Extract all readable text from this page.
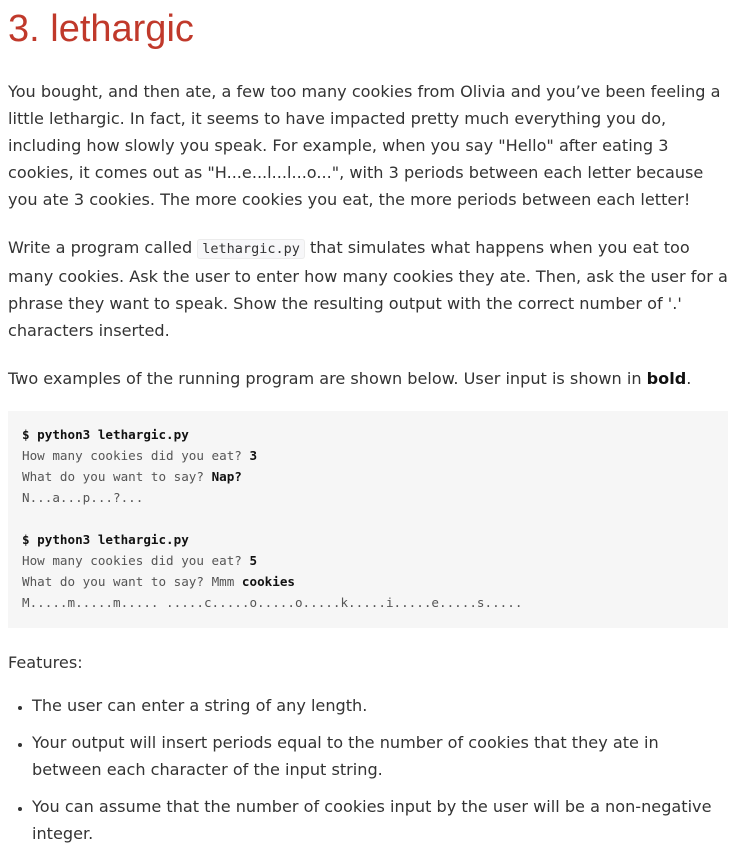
3. lethargic

You bought, and then ate, a few too many cookies from Olivia and you’ve been feeling a little lethargic. In fact, it seems to have impacted pretty much everything you do, including how slowly you speak. For example, when you say "Hello" after eating 3 cookies, it comes out as "H...e...l...l...o...", with 3 periods between each letter because you ate 3 cookies. The more cookies you eat, the more periods between each letter!

Write a program called lethargic.py that simulates what happens when you eat too many cookies. Ask the user to enter how many cookies they ate. Then, ask the user for a phrase they want to speak. Show the resulting output with the correct number of '.' characters inserted.

Two examples of the running program are shown below. User input is shown in bold.

$ python3 lethargic.py
How many cookies did you eat? 3
What do you want to say? Nap?
N...a...p...?...
$ python3 lethargic.py
How many cookies did you eat? 5
What do you want to say? Mmm cookies
M.....m.....m..... .....c.....o.....o.....k.....i.....e.....s.....

Features:

• The user can enter a string of any length.
• Your output will insert periods equal to the number of cookies that they ate in between each character of the input string.
• You can assume that the number of cookies input by the user will be a non-negative integer.
